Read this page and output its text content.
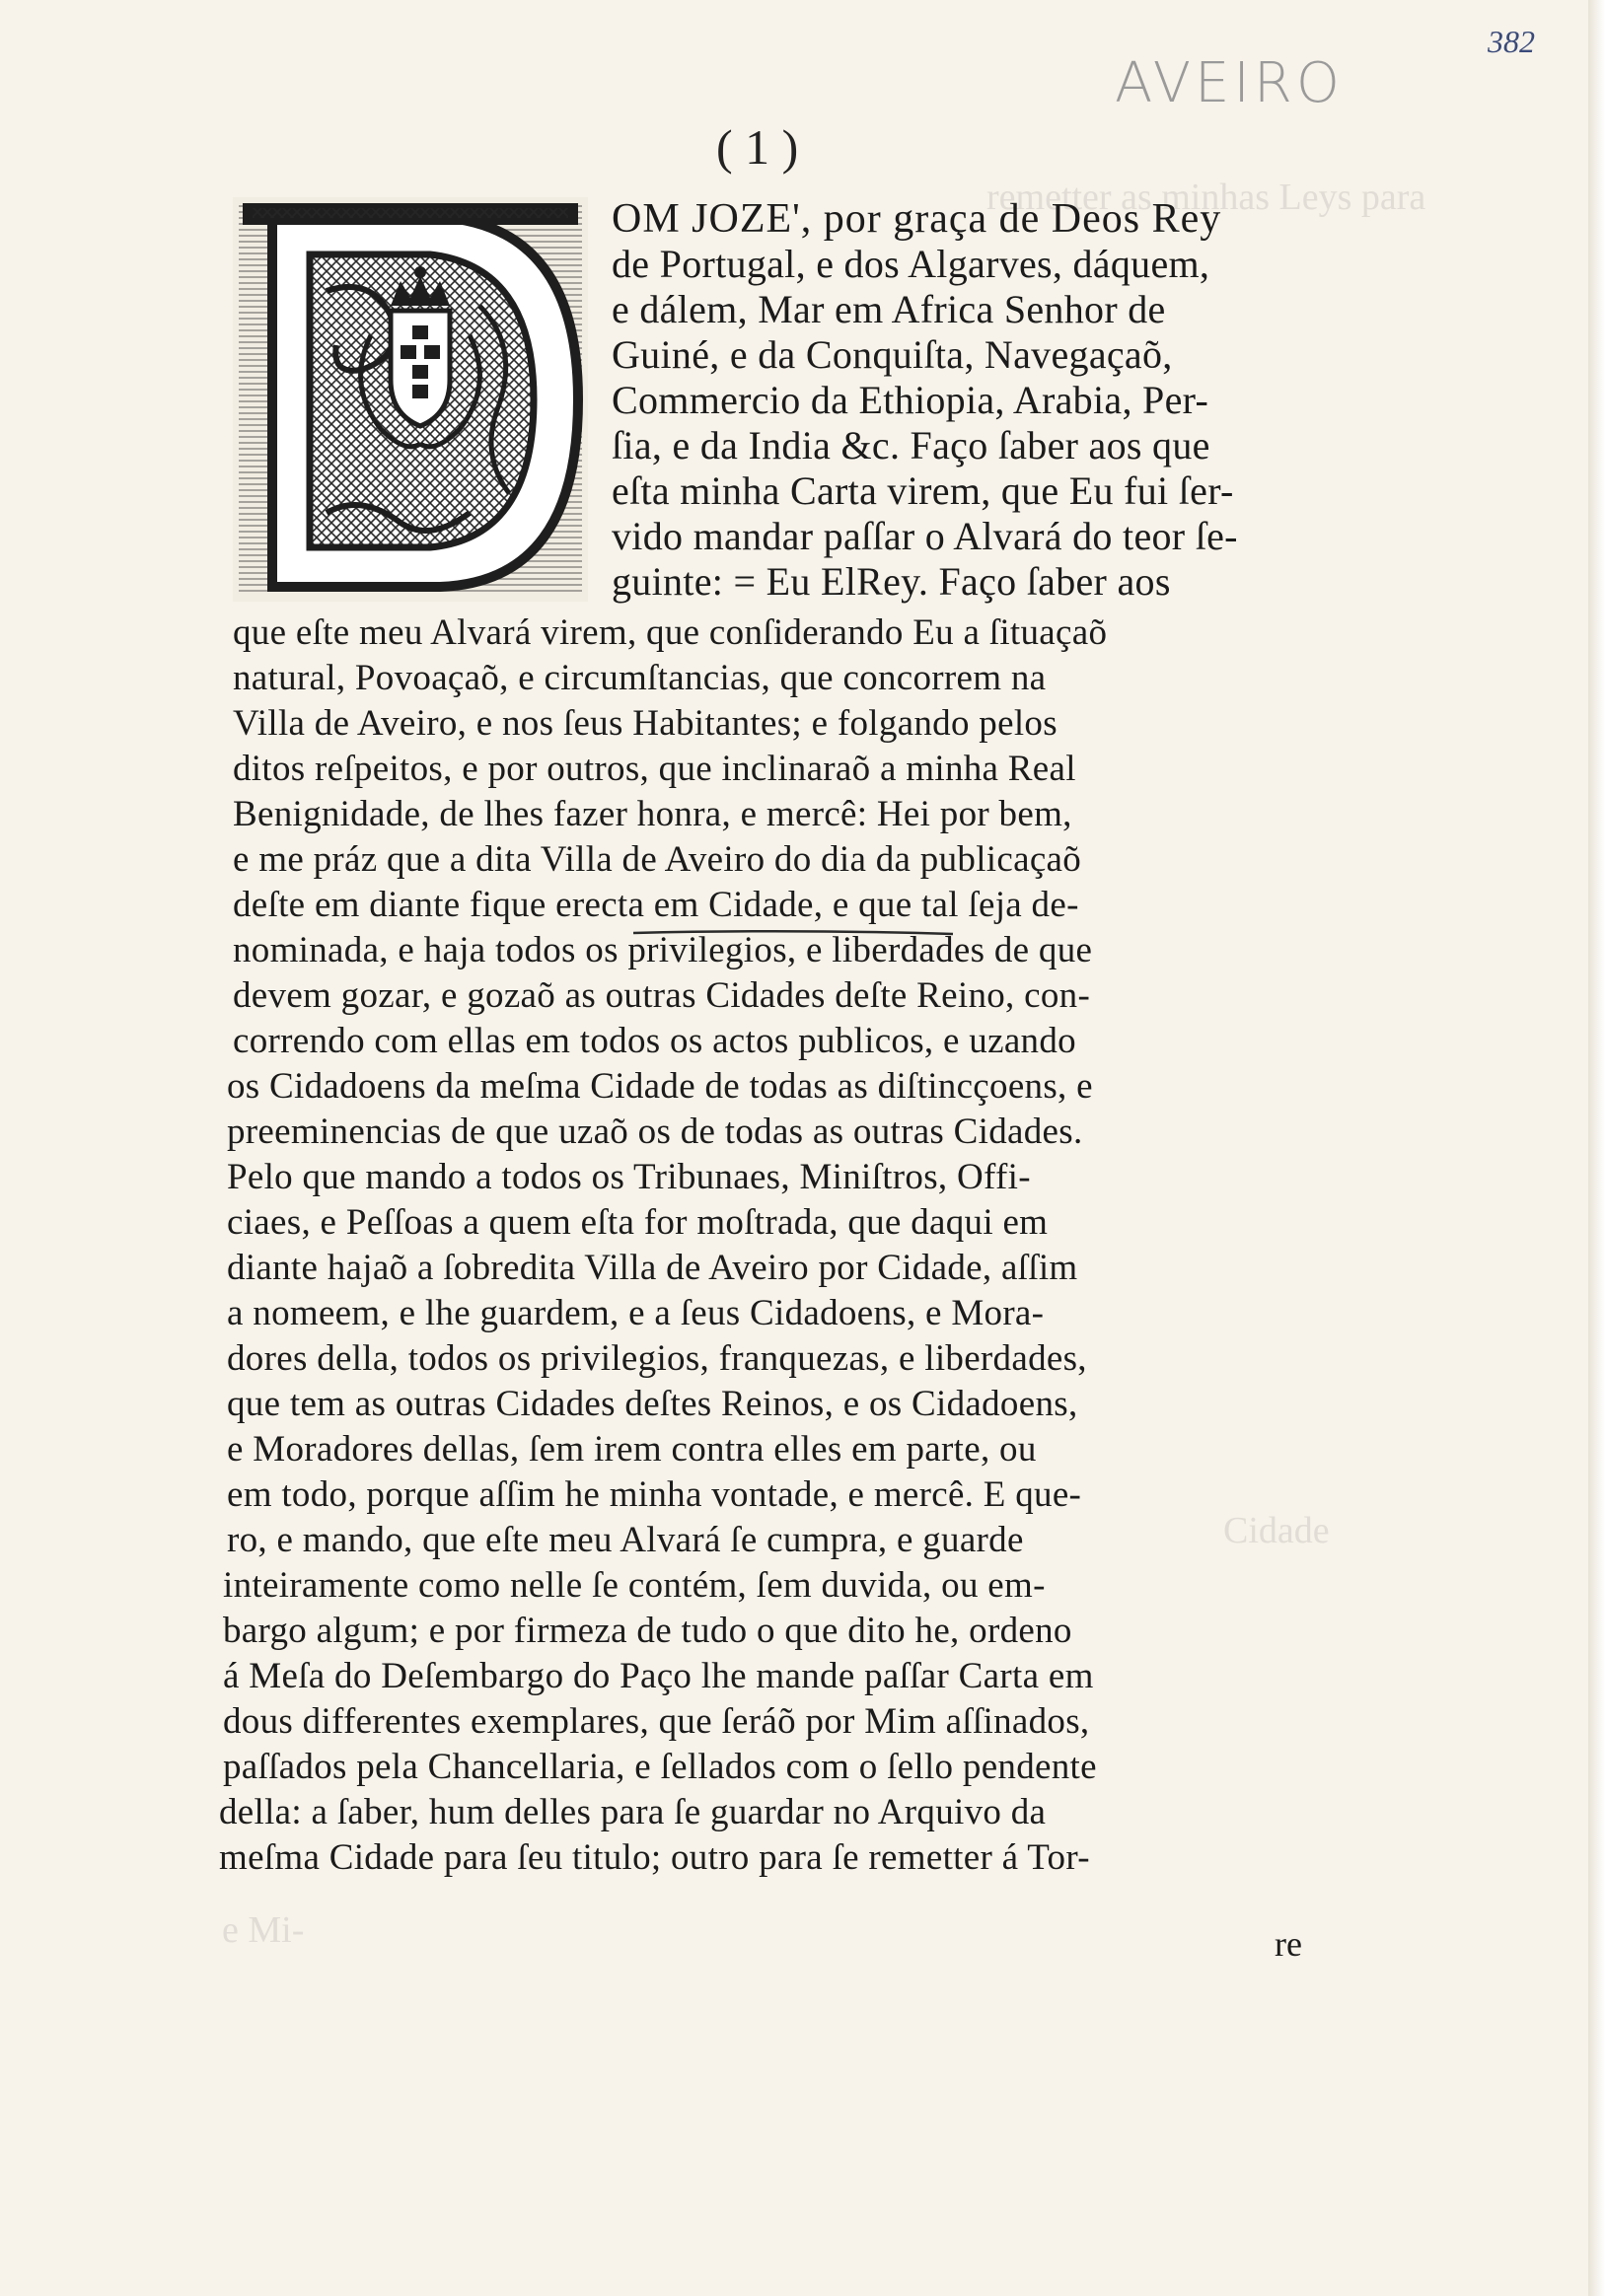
remetter as minhas Leys para
Cidade
e Mi-
382
AVEIRO
( 1 )
OM JOZE', por graça de Deos Rey
de Portugal, e dos Algarves, dáquem,
e dálem, Mar em Africa Senhor de
Guiné, e da Conquiſta, Navegaçaõ,
Commercio da Ethiopia, Arabia, Per-
ſia, e da India &c. Faço ſaber aos que
eſta minha Carta virem, que Eu fui ſer-
vido mandar paſſar o Alvará do teor ſe-
guinte: = Eu ElRey. Faço ſaber aos
que eſte meu Alvará virem, que conſiderando Eu a ſituaçaõ
natural, Povoaçaõ, e circumſtancias, que concorrem na
Villa de Aveiro, e nos ſeus Habitantes; e folgando pelos
ditos reſpeitos, e por outros, que inclinaraõ a minha Real
Benignidade, de lhes fazer honra, e mercê: Hei por bem,
e me práz que a dita Villa de Aveiro do dia da publicaçaõ
deſte em diante fique erecta em Cidade, e que tal ſeja de-
nominada, e haja todos os privilegios, e liberdades de que
devem gozar, e gozaõ as outras Cidades deſte Reino, con-
correndo com ellas em todos os actos publicos, e uzando
os Cidadoens da meſma Cidade de todas as diſtincçoens, e
preeminencias de que uzaõ os de todas as outras Cidades.
Pelo que mando a todos os Tribunaes, Miniſtros, Offi-
ciaes, e Peſſoas a quem eſta for moſtrada, que daqui em
diante hajaõ a ſobredita Villa de Aveiro por Cidade, aſſim
a nomeem, e lhe guardem, e a ſeus Cidadoens, e Mora-
dores della, todos os privilegios, franquezas, e liberdades,
que tem as outras Cidades deſtes Reinos, e os Cidadoens,
e Moradores dellas, ſem irem contra elles em parte, ou
em todo, porque aſſim he minha vontade, e mercê. E que-
ro, e mando, que eſte meu Alvará ſe cumpra, e guarde
inteiramente como nelle ſe contém, ſem duvida, ou em-
bargo algum; e por firmeza de tudo o que dito he, ordeno
á Meſa do Deſembargo do Paço lhe mande paſſar Carta em
dous differentes exemplares, que ſeráõ por Mim aſſinados,
paſſados pela Chancellaria, e ſellados com o ſello pendente
della: a ſaber, hum delles para ſe guardar no Arquivo da
meſma Cidade para ſeu titulo; outro para ſe remetter á Tor-
re
